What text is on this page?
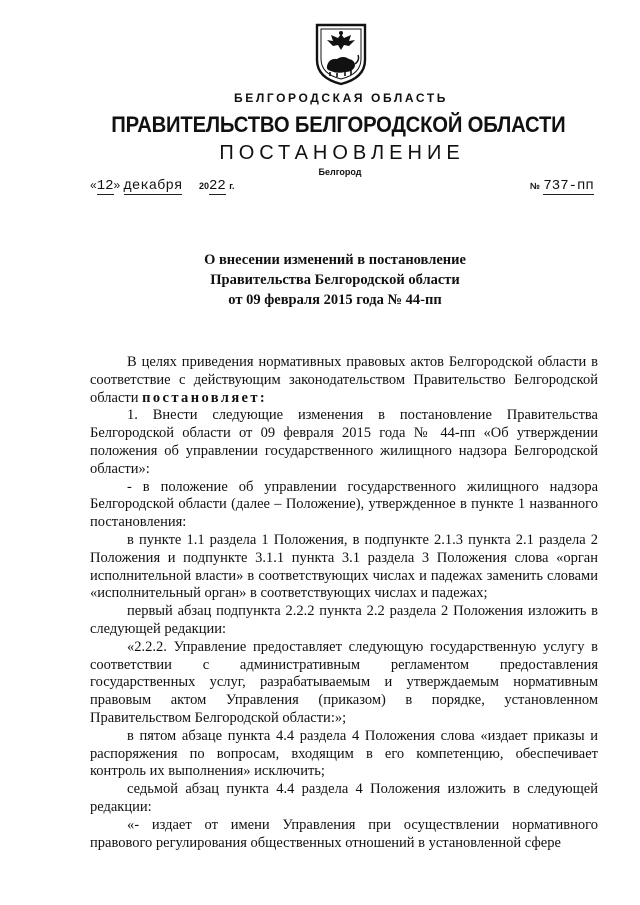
БЕЛГОРОДСКАЯ ОБЛАСТЬ
ПРАВИТЕЛЬСТВО БЕЛГОРОДСКОЙ ОБЛАСТИ
ПОСТАНОВЛЕНИЕ
Белгород
«12» декабря 2022 г.	№ 737-пп
О внесении изменений в постановление
Правительства Белгородской области
от 09 февраля 2015 года № 44-пп

В целях приведения нормативных правовых актов Белгородской области в соответствие с действующим законодательством Правительство Белгородской области постановляет:

1. Внести следующие изменения в постановление Правительства Белгородской области от 09 февраля 2015 года № 44-пп «Об утверждении положения об управлении государственного жилищного надзора Белгородской области»:

- в положение об управлении государственного жилищного надзора Белгородской области (далее – Положение), утвержденное в пункте 1 названного постановления:

в пункте 1.1 раздела 1 Положения, в подпункте 2.1.3 пункта 2.1 раздела 2 Положения и подпункте 3.1.1 пункта 3.1 раздела 3 Положения слова «орган исполнительной власти» в соответствующих числах и падежах заменить словами «исполнительный орган» в соответствующих числах и падежах;

первый абзац подпункта 2.2.2 пункта 2.2 раздела 2 Положения изложить в следующей редакции:

«2.2.2. Управление предоставляет следующую государственную услугу в соответствии с административным регламентом предоставления государственных услуг, разрабатываемым и утверждаемым нормативным правовым актом Управления (приказом) в порядке, установленном Правительством Белгородской области:»;

в пятом абзаце пункта 4.4 раздела 4 Положения слова «издает приказы и распоряжения по вопросам, входящим в его компетенцию, обеспечивает контроль их выполнения» исключить;

седьмой абзац пункта 4.4 раздела 4 Положения изложить в следующей редакции:

«- издает от имени Управления при осуществлении нормативного правового регулирования общественных отношений в установленной сфере
